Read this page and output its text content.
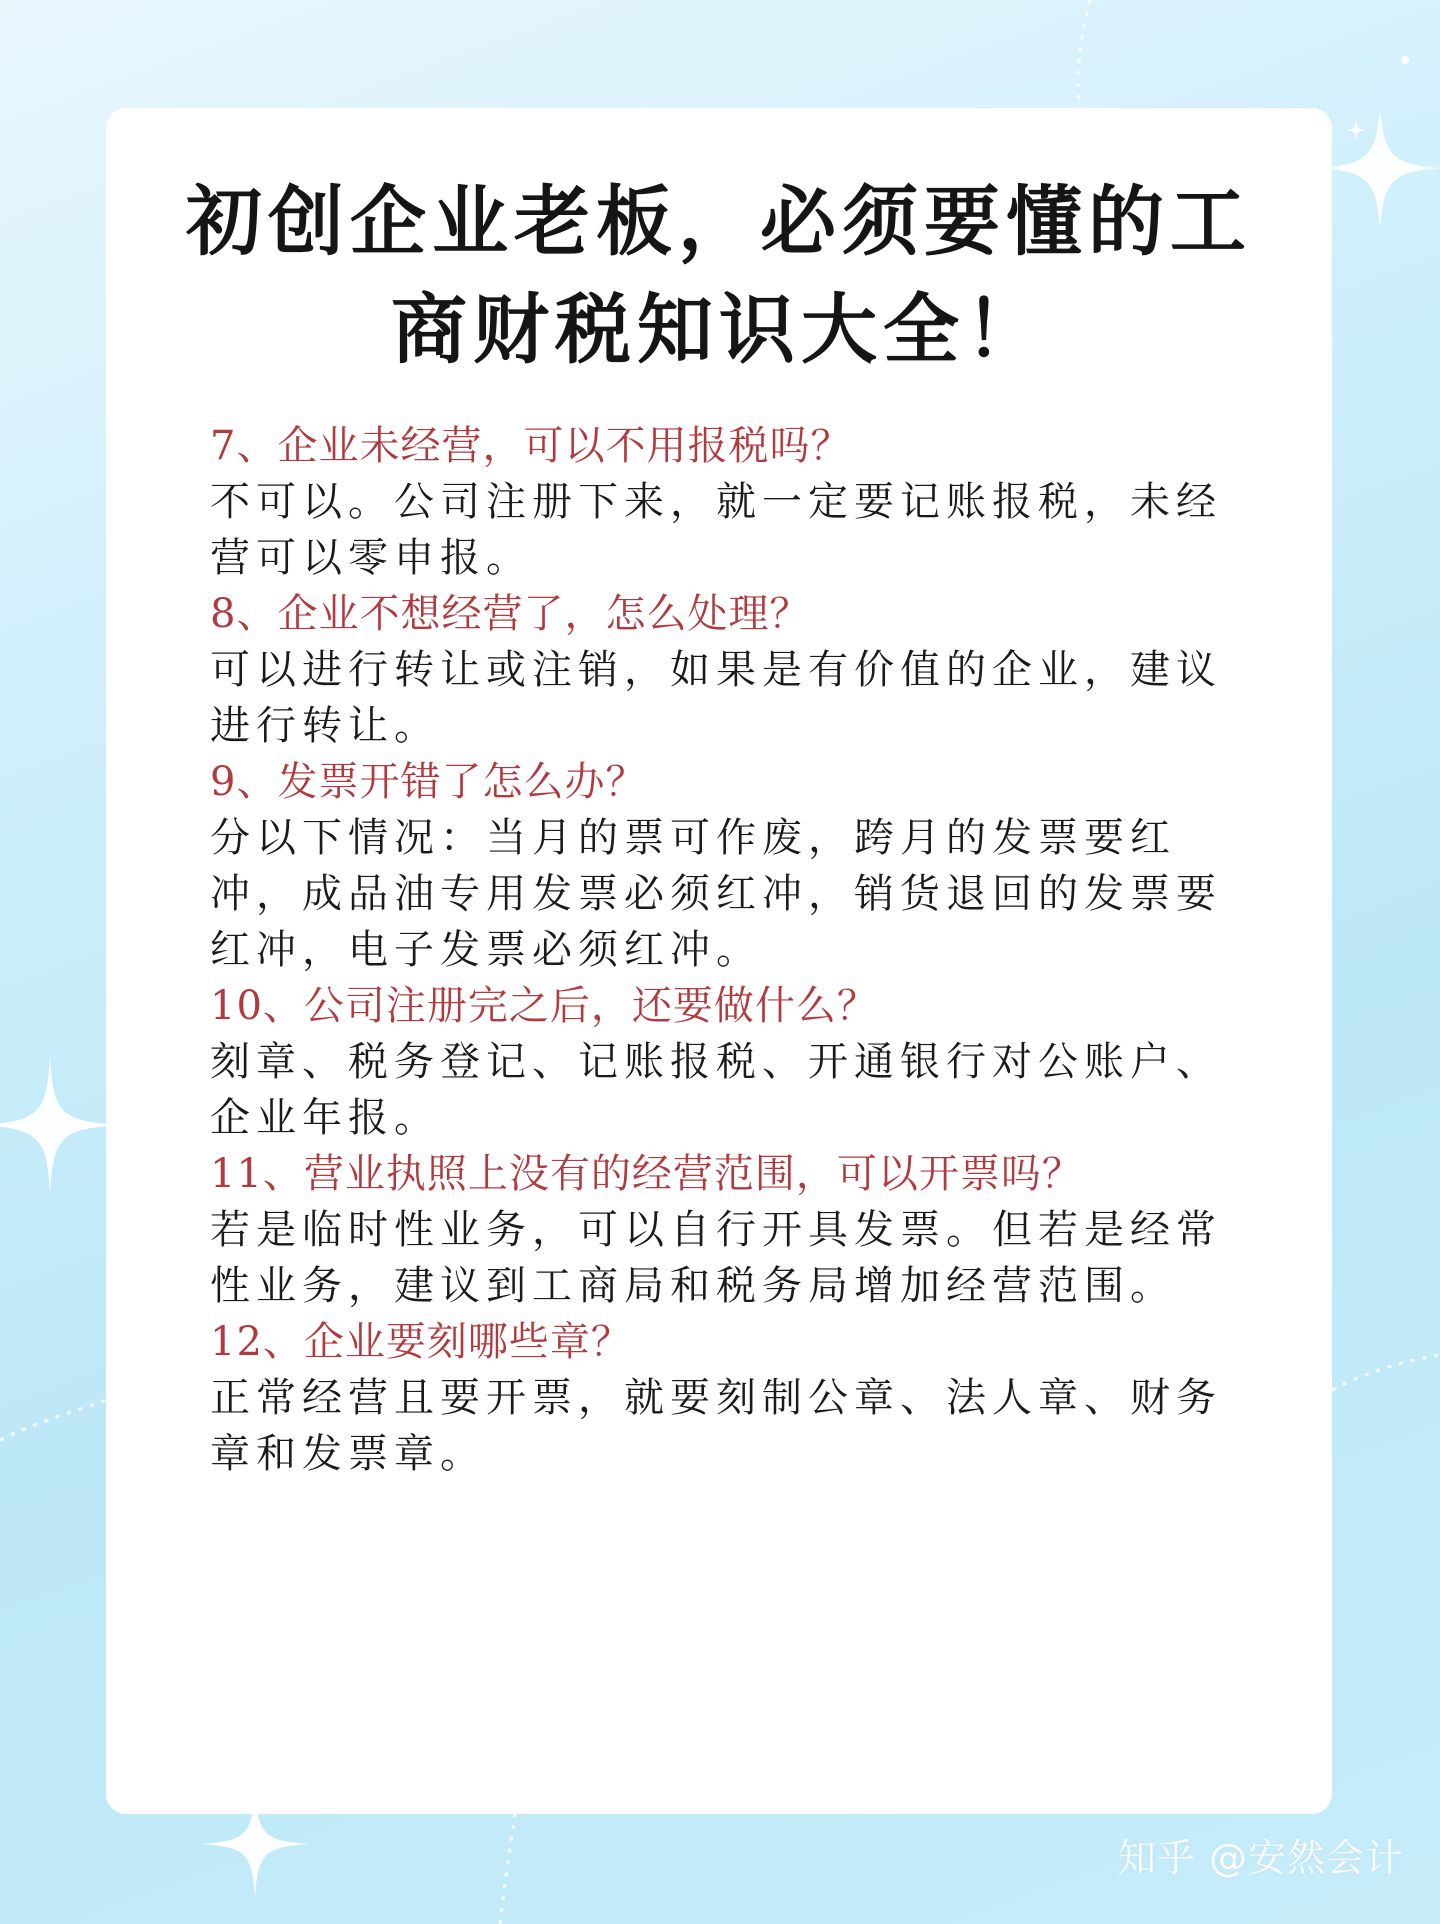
初创企业老板，必须要懂的工
商财税知识大全！
7、企业未经营，可以不用报税吗？
不可以。公司注册下来，就一定要记账报税，未经营可以零申报。
8、企业不想经营了，怎么处理？
可以进行转让或注销，如果是有价值的企业，建议进行转让。
9、发票开错了怎么办？
分以下情况：当月的票可作废，跨月的发票要红冲，成品油专用发票必须红冲，销货退回的发票要红冲，电子发票必须红冲。
10、公司注册完之后，还要做什么？
刻章、税务登记、记账报税、开通银行对公账户、企业年报。
11、营业执照上没有的经营范围，可以开票吗？
若是临时性业务，可以自行开具发票。但若是经常性业务，建议到工商局和税务局增加经营范围。
12、企业要刻哪些章？
正常经营且要开票，就要刻制公章、法人章、财务章和发票章。
知乎 @安然会计
